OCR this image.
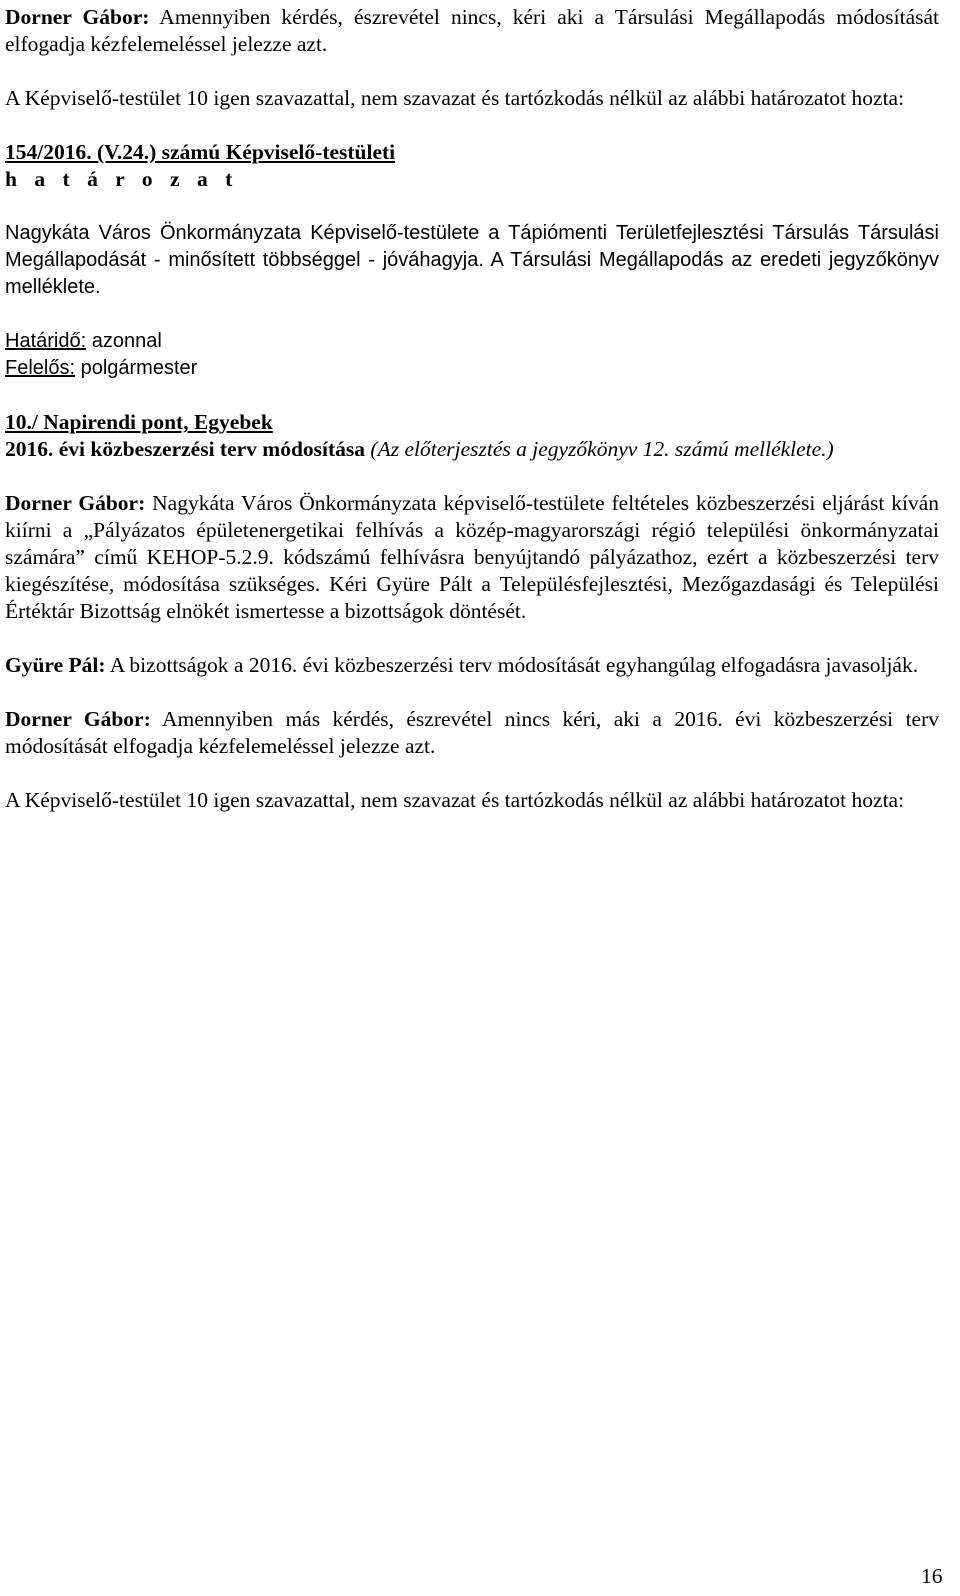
Dorner Gábor: Amennyiben kérdés, észrevétel nincs, kéri aki a Társulási Megállapodás módosítását elfogadja kézfelemeléssel jelezze azt.

A Képviselő-testület 10 igen szavazattal, nem szavazat és tartózkodás nélkül az alábbi határozatot hozta:

154/2016. (V.24.) számú Képviselő-testületi

h a t á r o z a t

Nagykáta Város Önkormányzata Képviselő-testülete a Tápiómenti Területfejlesztési Társulás Társulási Megállapodását - minősített többséggel - jóváhagyja. A Társulási Megállapodás az eredeti jegyzőkönyv melléklete.

Határidő: azonnal

Felelős: polgármester

10./ Napirendi pont, Egyebek

2016. évi közbeszerzési terv módosítása (Az előterjesztés a jegyzőkönyv 12. számú melléklete.)

Dorner Gábor: Nagykáta Város Önkormányzata képviselő-testülete feltételes közbeszerzési eljárást kíván kiírni a „Pályázatos épületenergetikai felhívás a közép-magyarországi régió települési önkormányzatai számára” című KEHOP-5.2.9. kódszámú felhívásra benyújtandó pályázathoz, ezért a közbeszerzési terv kiegészítése, módosítása szükséges. Kéri Gyüre Pált a Településfejlesztési, Mezőgazdasági és Települési Értéktár Bizottság elnökét ismertesse a bizottságok döntését.

Gyüre Pál: A bizottságok a 2016. évi közbeszerzési terv módosítását egyhangúlag elfogadásra javasolják.

Dorner Gábor: Amennyiben más kérdés, észrevétel nincs kéri, aki a 2016. évi közbeszerzési terv módosítását elfogadja kézfelemeléssel jelezze azt.

A Képviselő-testület 10 igen szavazattal, nem szavazat és tartózkodás nélkül az alábbi határozatot hozta:

16
